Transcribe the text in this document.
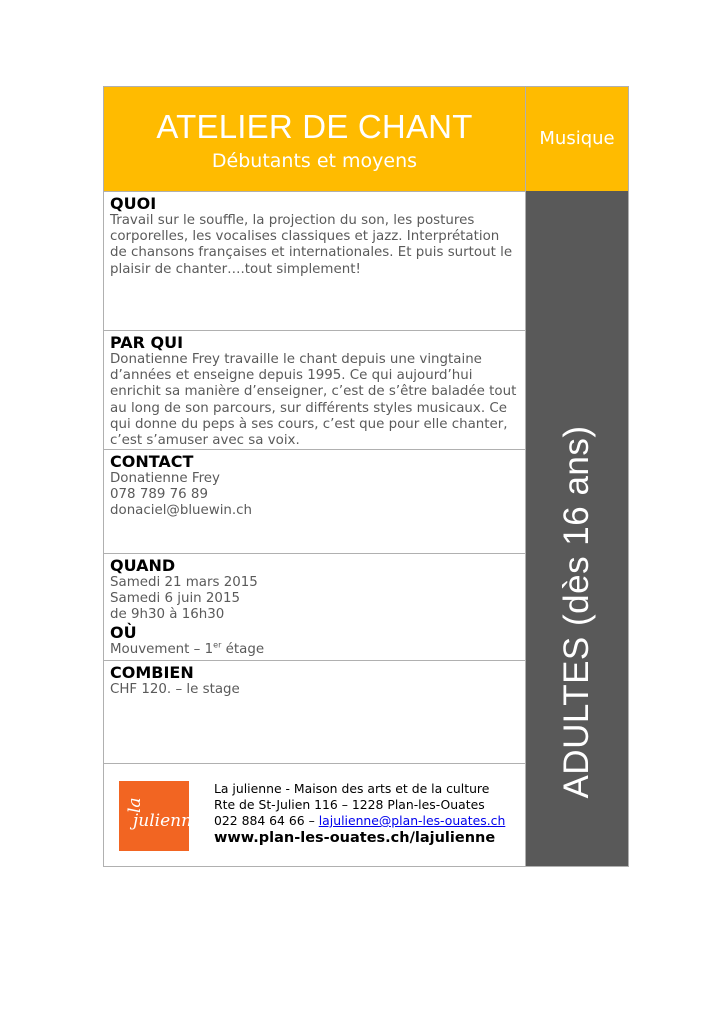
ATELIER DE CHANT
Débutants et moyens
Musique
ADULTES (dès 16 ans)
QUOI
Travail sur le souffle, la projection du son, les postures
corporelles, les vocalises classiques et jazz. Interprétation
de chansons françaises et internationales. Et puis surtout le
plaisir de chanter….tout simplement!
PAR QUI
Donatienne Frey travaille le chant depuis une vingtaine
d’années et enseigne depuis 1995. Ce qui aujourd’hui
enrichit sa manière d’enseigner, c’est de s’être baladée tout
au long de son parcours, sur différents styles musicaux. Ce
qui donne du peps à ses cours, c’est que pour elle chanter,
c’est s’amuser avec sa voix.
CONTACT
Donatienne Frey
078 789 76 89
donaciel@bluewin.ch
QUAND
Samedi 21 mars 2015
Samedi 6 juin 2015
de 9h30 à 16h30
OÙ
Mouvement – 1er étage
COMBIEN
CHF 120. – le stage
la
julienne
La julienne - Maison des arts et de la culture
Rte de St-Julien 116 – 1228 Plan-les-Ouates
022 884 64 66 – lajulienne@plan-les-ouates.ch
www.plan-les-ouates.ch/lajulienne
